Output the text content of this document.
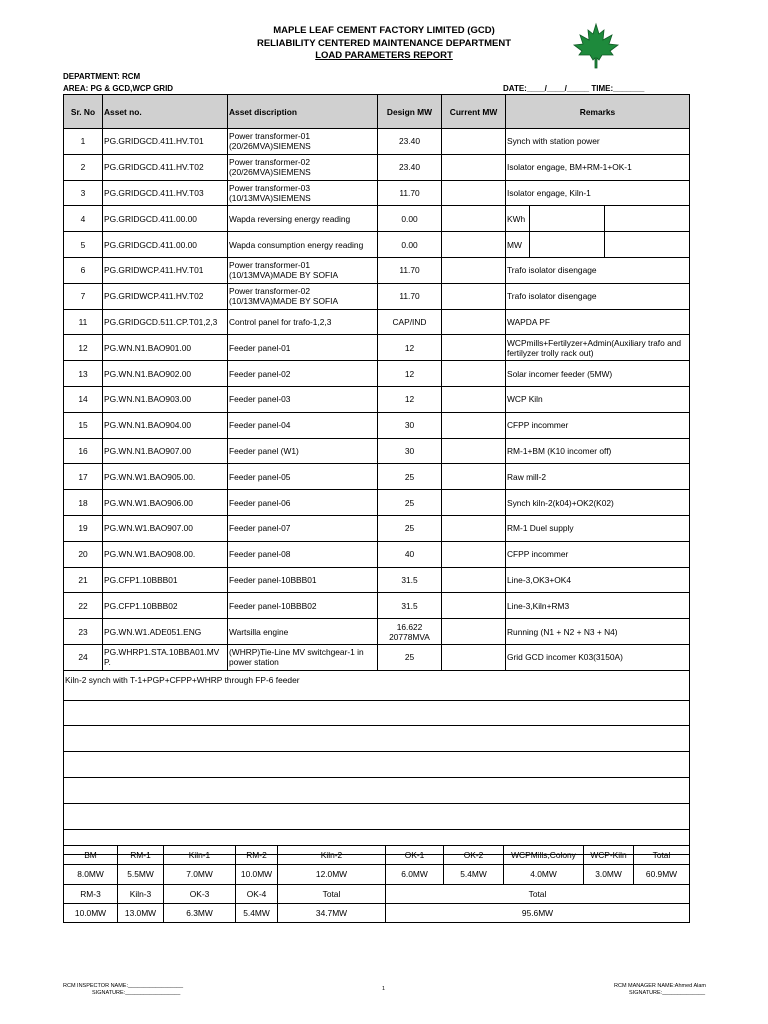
MAPLE LEAF CEMENT FACTORY LIMITED (GCD)
RELIABILITY CENTERED MAINTENANCE DEPARTMENT
LOAD PARAMETERS REPORT
DEPARTMENT: RCM
AREA: PG & GCD,WCP GRID	DATE:____/____/_____ TIME:_______
Sr. No	Asset no.	Asset discription	Design MW	Current MW	Remarks
1	PG.GRIDGCD.411.HV.T01	Power transformer-01 (20/26MVA)SIEMENS	23.40		Synch with station power
2	PG.GRIDGCD.411.HV.T02	Power transformer-02 (20/26MVA)SIEMENS	23.40		Isolator engage, BM+RM-1+OK-1
3	PG.GRIDGCD.411.HV.T03	Power transformer-03 (10/13MVA)SIEMENS	11.70		Isolator engage, Kiln-1
4	PG.GRIDGCD.411.00.00	Wapda reversing energy reading	0.00		KWh

5	PG.GRIDGCD.411.00.00	Wapda consumption energy reading	0.00		MW

6	PG.GRIDWCP.411.HV.T01	Power transformer-01 (10/13MVA)MADE BY SOFIA	11.70		Trafo isolator disengage
7	PG.GRIDWCP.411.HV.T02	Power transformer-02 (10/13MVA)MADE BY SOFIA	11.70		Trafo isolator disengage
11	PG.GRIDGCD.511.CP.T01,2,3	Control panel for trafo-1,2,3	CAP/IND		WAPDA PF
12	PG.WN.N1.BAO901.00	Feeder panel-01	12		WCPmills+Fertilyzer+Admin(Auxiliary trafo and fertilyzer trolly rack out)
13	PG.WN.N1.BAO902.00	Feeder panel-02	12		Solar incomer feeder (5MW)
14	PG.WN.N1.BAO903.00	Feeder panel-03	12		WCP Kiln
15	PG.WN.N1.BAO904.00	Feeder panel-04	30		CFPP incommer
16	PG.WN.N1.BAO907.00	Feeder panel (W1)	30		RM-1+BM (K10 incomer off)
17	PG.WN.W1.BAO905.00.	Feeder panel-05	25		Raw mill-2
18	PG.WN.W1.BAO906.00	Feeder panel-06	25		Synch kiln-2(k04)+OK2(K02)
19	PG.WN.W1.BAO907.00	Feeder panel-07	25		RM-1 Duel supply
20	PG.WN.W1.BAO908.00.	Feeder panel-08	40		CFPP incommer
21	PG.CFP1.10BBB01	Feeder panel-10BBB01	31.5		Line-3,OK3+OK4
22	PG.CFP1.10BBB02	Feeder panel-10BBB02	31.5		Line-3,Kiln+RM3
23	PG.WN.W1.ADE051.ENG	Wartsilla engine	16.622 20778MVA		Running (N1 + N2 + N3 + N4)
24	PG.WHRP1.STA.10BBA01.MV P.	(WHRP)Tie-Line MV switchgear-1 in power station	25		Grid GCD incomer K03(3150A)
Kiln-2 synch with T-1+PGP+CFPP+WHRP through FP-6 feeder					

BM	RM-1	Kiln-1	RM-2	Kiln-2	OK-1	OK-2	WCPMills,Colony	WCP-Kiln	Total
8.0MW	5.5MW	7.0MW	10.0MW	12.0MW	6.0MW	5.4MW	4.0MW	3.0MW	60.9MW
RM-3	Kiln-3	OK-3	OK-4	Total	Total				
10.0MW	13.0MW	6.3MW	5.4MW	34.7MW	95.6MW				
RCM INSPECTOR NAME:__________________
SIGNATURE:__________________
1	RCM MANAGER NAME:Ahmed Alam
SIGNATURE:______________
